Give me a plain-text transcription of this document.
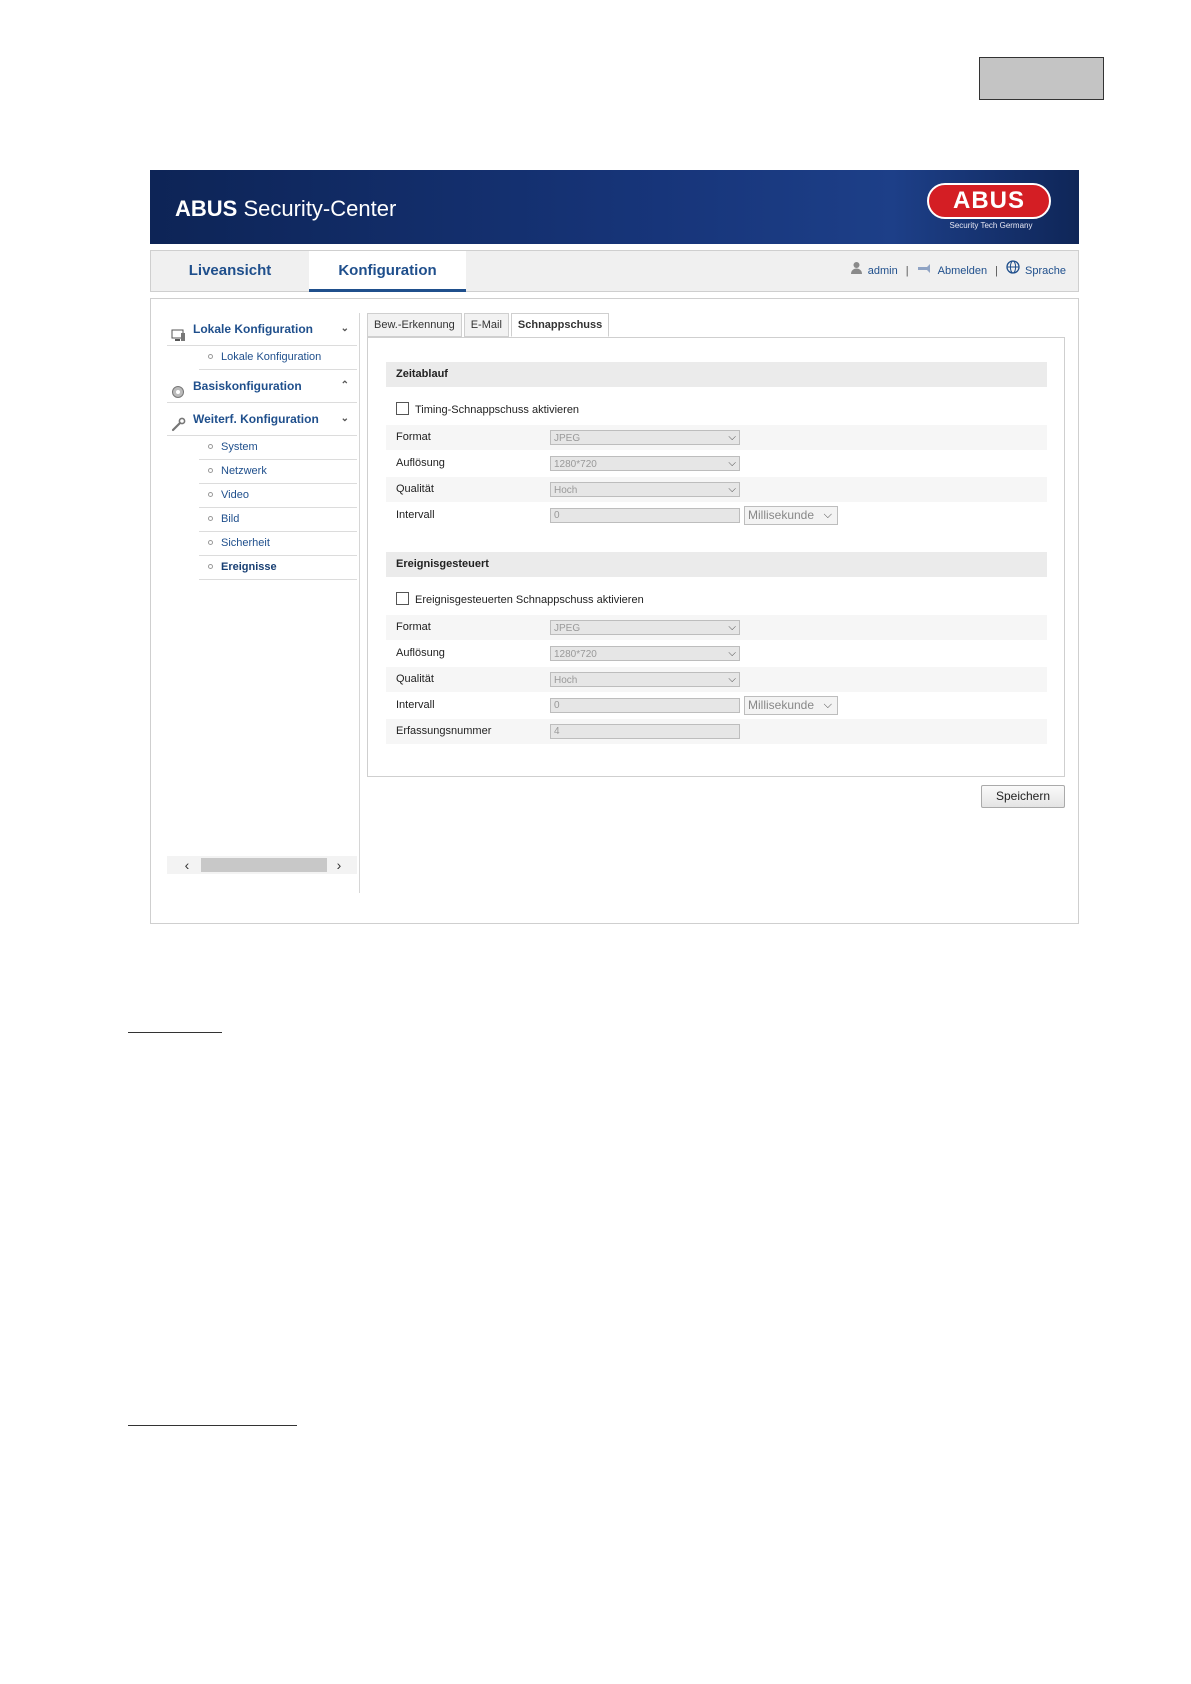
ABUS Security-Center	ABUS
Security Tech Germany
Liveansicht	Konfiguration	admin |	Abmelden | Sprache
Lokale Konfiguration	⌄
Lokale Konfiguration
Basiskonfiguration	⌃
Weiterf. Konfiguration ⌄
System
Netzwerk
Video
Bild
Sicherheit
Ereignisse
‹	›
Bew.-Erkennung E-Mail Schnappschuss
Zeitablauf
Timing-Schnappschuss aktivieren
Format	JPEG	⌵
Auflösung	1280*720	⌵
Qualität	Hoch	⌵
Intervall	0	Millisekunde ⌵
Ereignisgesteuert
Ereignisgesteuerten Schnappschuss aktivieren
Format	JPEG	⌵
Auflösung	1280*720	⌵
Qualität	Hoch	⌵
Intervall	0	Millisekunde ⌵
Erfassungsnummer	4
Speichern
